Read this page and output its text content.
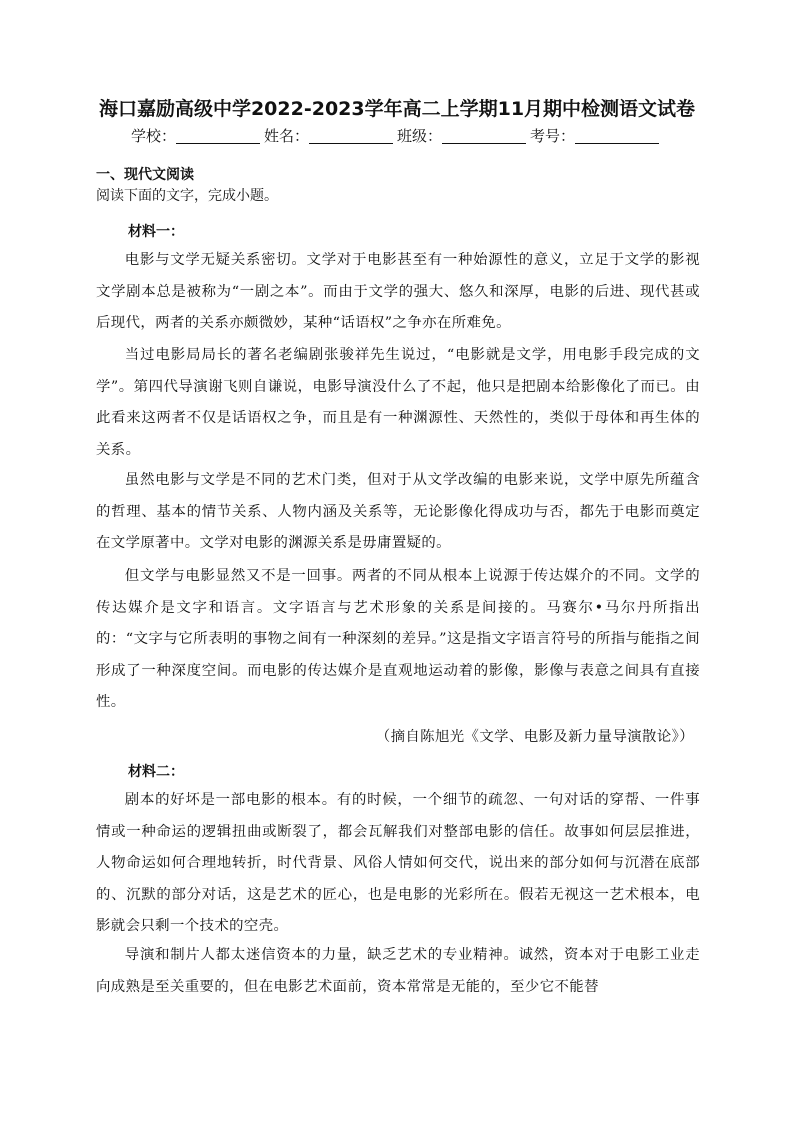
海口嘉励高级中学2022-2023学年高二上学期11月期中检测语文试卷
学校：	姓名：	班级：	考号：
一、现代文阅读
阅读下面的文字，完成小题。
材料一：

电影与文学无疑关系密切。文学对于电影甚至有一种始源性的意义，立足于文学的影视文学剧本总是被称为“一剧之本”。而由于文学的强大、悠久和深厚，电影的后进、现代甚或后现代，两者的关系亦颇微妙，某种“话语权”之争亦在所难免。

当过电影局局长的著名老编剧张骏祥先生说过，“电影就是文学，用电影手段完成的文学”。第四代导演谢飞则自谦说，电影导演没什么了不起，他只是把剧本给影像化了而已。由此看来这两者不仅是话语权之争，而且是有一种渊源性、天然性的，类似于母体和再生体的关系。

虽然电影与文学是不同的艺术门类，但对于从文学改编的电影来说，文学中原先所蕴含的哲理、基本的情节关系、人物内涵及关系等，无论影像化得成功与否，都先于电影而奠定在文学原著中。文学对电影的渊源关系是毋庸置疑的。

但文学与电影显然又不是一回事。两者的不同从根本上说源于传达媒介的不同。文学的传达媒介是文字和语言。文字语言与艺术形象的关系是间接的。马赛尔•马尔丹所指出的：“文字与它所表明的事物之间有一种深刻的差异。”这是指文字语言符号的所指与能指之间形成了一种深度空间。而电影的传达媒介是直观地运动着的影像，影像与表意之间具有直接性。

（摘自陈旭光《文学、电影及新力量导演散论》）
材料二：

剧本的好坏是一部电影的根本。有的时候，一个细节的疏忽、一句对话的穿帮、一件事情或一种命运的逻辑扭曲或断裂了，都会瓦解我们对整部电影的信任。故事如何层层推进，人物命运如何合理地转折，时代背景、风俗人情如何交代，说出来的部分如何与沉潜在底部的、沉默的部分对话，这是艺术的匠心，也是电影的光彩所在。假若无视这一艺术根本，电影就会只剩一个技术的空壳。

导演和制片人都太迷信资本的力量，缺乏艺术的专业精神。诚然，资本对于电影工业走向成熟是至关重要的，但在电影艺术面前，资本常常是无能的，至少它不能替
